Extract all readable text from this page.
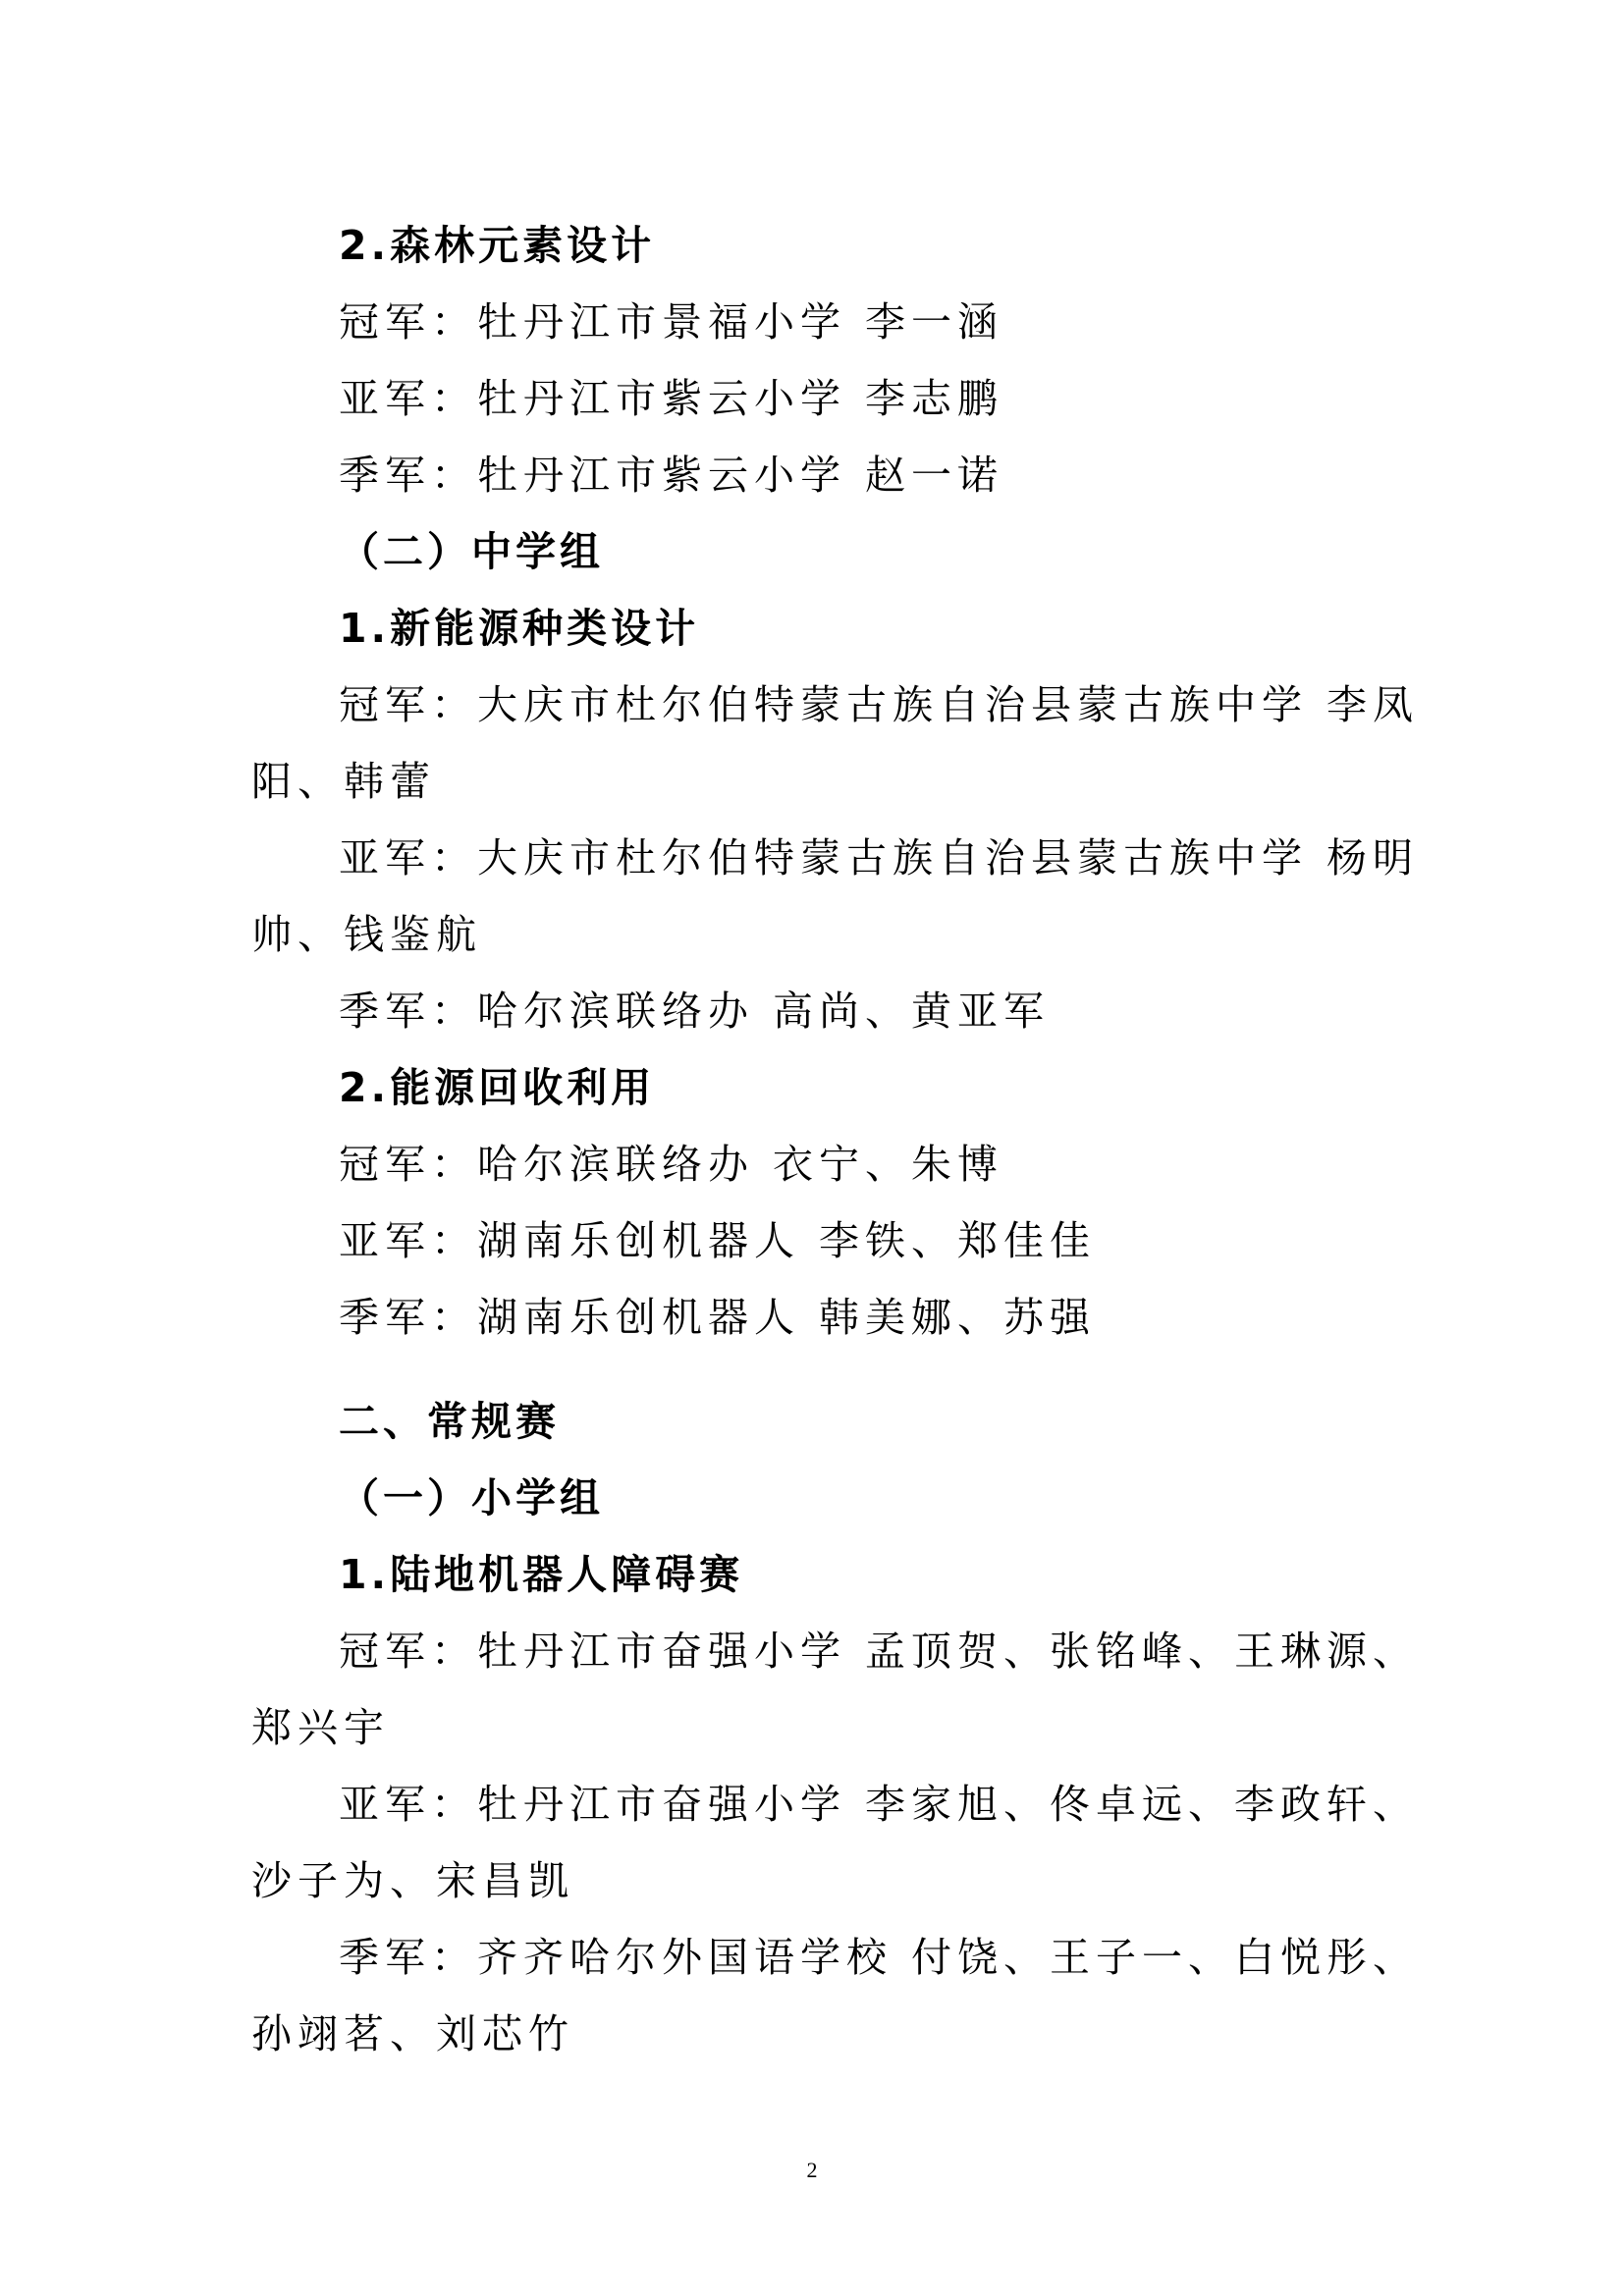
2.森林元素设计
冠军：牡丹江市景福小学 李一涵
亚军：牡丹江市紫云小学 李志鹏
季军：牡丹江市紫云小学 赵一诺
（二）中学组
1.新能源种类设计
冠军：大庆市杜尔伯特蒙古族自治县蒙古族中学 李凤
阳、韩蕾
亚军：大庆市杜尔伯特蒙古族自治县蒙古族中学 杨明
帅、钱鉴航
季军：哈尔滨联络办 高尚、黄亚军
2.能源回收利用
冠军：哈尔滨联络办 衣宁、朱博
亚军：湖南乐创机器人 李铁、郑佳佳
季军：湖南乐创机器人 韩美娜、苏强
二、常规赛
（一）小学组
1.陆地机器人障碍赛
冠军：牡丹江市奋强小学 孟顶贺、张铭峰、王琳源、
郑兴宇
亚军：牡丹江市奋强小学 李家旭、佟卓远、李政轩、
沙子为、宋昌凯
季军：齐齐哈尔外国语学校 付饶、王子一、白悦彤、
孙翊茗、刘芯竹
2
